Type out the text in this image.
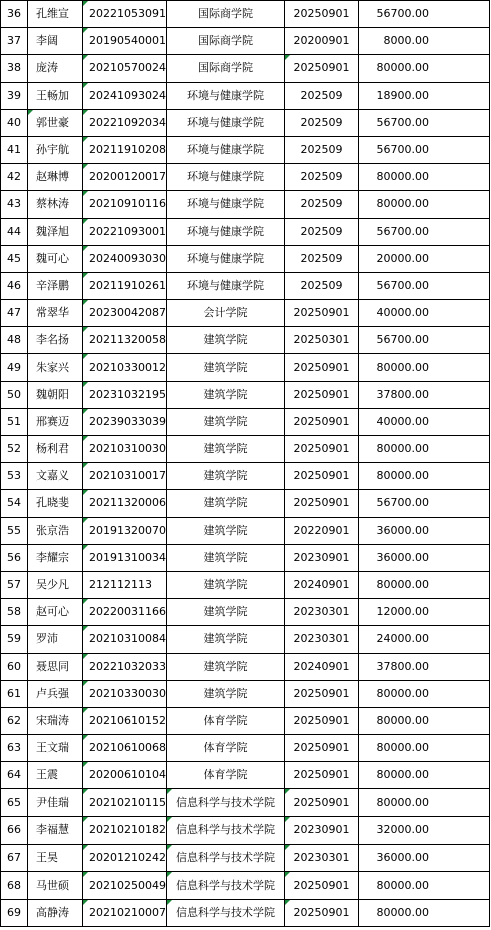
36	孔维宣	20221053091	国际商学院	20250901	56700.00
37	李阔	20190540001	国际商学院	20200901	8000.00
38	庞涛	20210570024	国际商学院	20250901	80000.00
39	王畅加	20241093024	环境与健康学院	202509	18900.00
40	郭世豪	20221092034	环境与健康学院	202509	56700.00
41	孙宇航	20211910208	环境与健康学院	202509	56700.00
42	赵琳博	20200120017	环境与健康学院	202509	80000.00
43	蔡林涛	20210910116	环境与健康学院	202509	80000.00
44	魏泽旭	20221093001	环境与健康学院	202509	56700.00
45	魏可心	20240093030	环境与健康学院	202509	20000.00
46	辛泽鹏	20211910261	环境与健康学院	202509	56700.00
47	常翠华	20230042087	会计学院	20250901	40000.00
48	李名扬	20211320058	建筑学院	20250301	56700.00
49	朱家兴	20210330012	建筑学院	20250901	80000.00
50	魏朝阳	20231032195	建筑学院	20250901	37800.00
51	邢赛迈	20239033039	建筑学院	20250901	40000.00
52	杨利君	20210310030	建筑学院	20250901	80000.00
53	文嘉义	20210310017	建筑学院	20250901	80000.00
54	孔晓斐	20211320006	建筑学院	20250901	56700.00
55	张京浩	20191320070	建筑学院	20220901	36000.00
56	李耀宗	20191310034	建筑学院	20230901	36000.00
57	吴少凡	212112113	建筑学院	20240901	80000.00
58	赵可心	20220031166	建筑学院	20230301	12000.00
59	罗沛	20210310084	建筑学院	20230301	24000.00
60	聂思同	20221032033	建筑学院	20240901	37800.00
61	卢兵强	20210330030	建筑学院	20250901	80000.00
62	宋瑞涛	20210610152	体育学院	20250901	80000.00
63	王文瑞	20210610068	体育学院	20250901	80000.00
64	王震	20200610104	体育学院	20250901	80000.00
65	尹佳瑞	20210210115	信息科学与技术学院	20250901	80000.00
66	李福慧	20210210182	信息科学与技术学院	20230901	32000.00
67	王昊	20201210242	信息科学与技术学院	20230301	36000.00
68	马世硕	20210250049	信息科学与技术学院	20250901	80000.00
69	高静涛	20210210007	信息科学与技术学院	20250901	80000.00
